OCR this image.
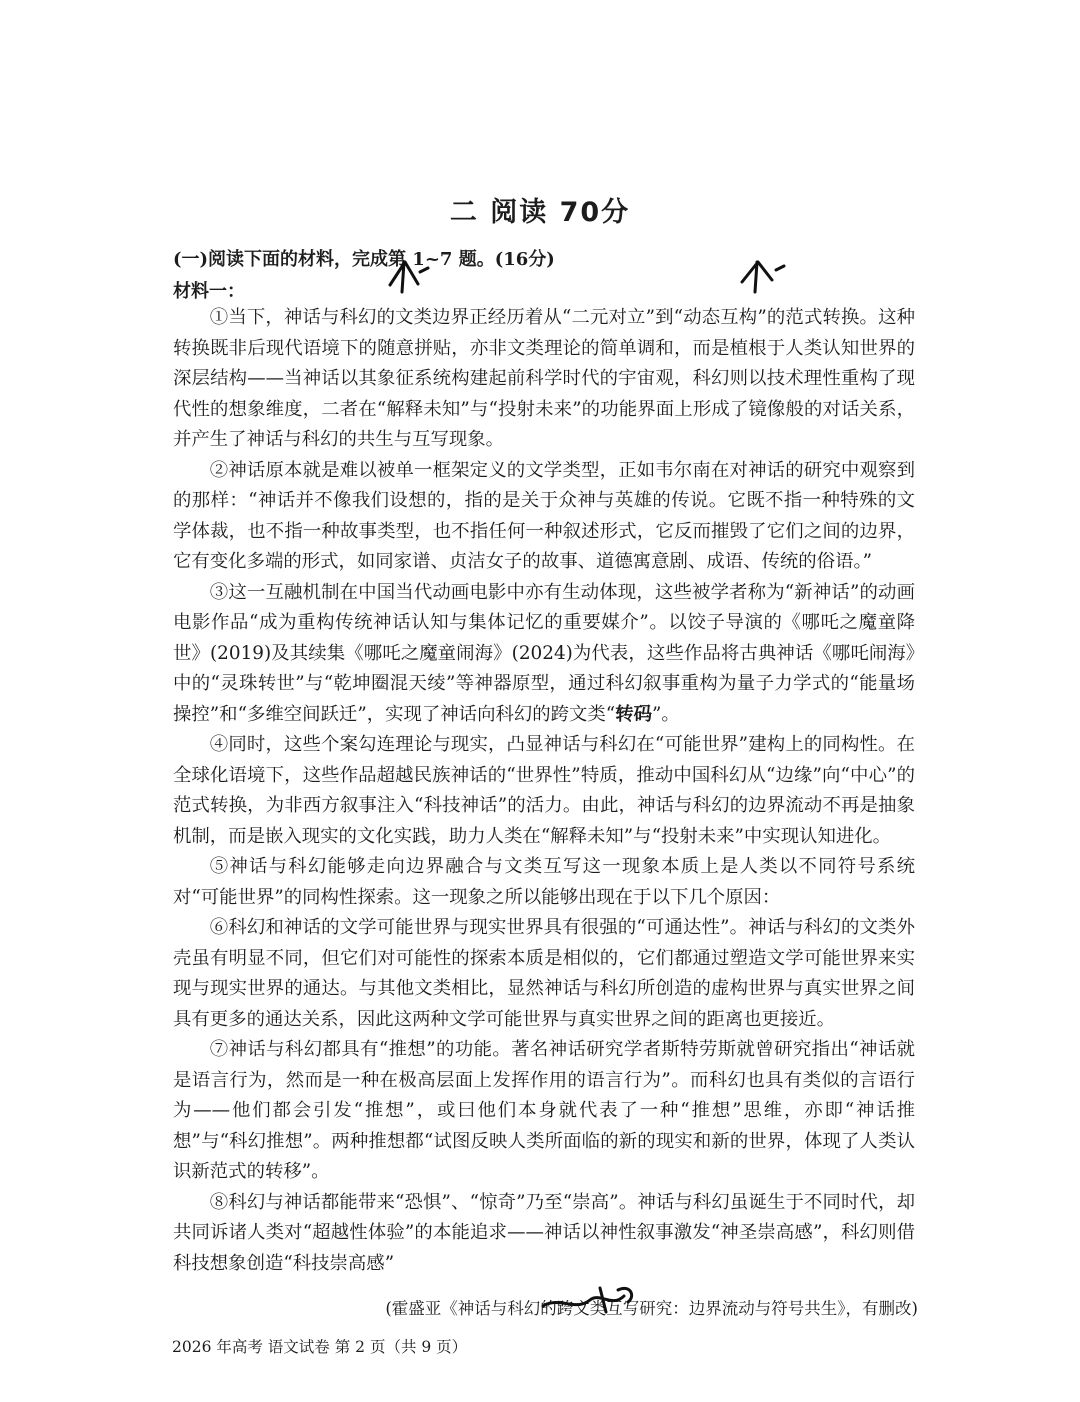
二 阅读 70分

(一)阅读下面的材料，完成第 1~7 题。(16分)

材料一：

①当下，神话与科幻的文类边界正经历着从“二元对立”到“动态互构”的范式转换。这种转换既非后现代语境下的随意拼贴，亦非文类理论的简单调和，而是植根于人类认知世界的深层结构——当神话以其象征系统构建起前科学时代的宇宙观，科幻则以技术理性重构了现代性的想象维度，二者在“解释未知”与“投射未来”的功能界面上形成了镜像般的对话关系，并产生了神话与科幻的共生与互写现象。

②神话原本就是难以被单一框架定义的文学类型，正如韦尔南在对神话的研究中观察到的那样：“神话并不像我们设想的，指的是关于众神与英雄的传说。它既不指一种特殊的文学体裁，也不指一种故事类型，也不指任何一种叙述形式，它反而摧毁了它们之间的边界，它有变化多端的形式，如同家谱、贞洁女子的故事、道德寓意剧、成语、传统的俗语。”

③这一互融机制在中国当代动画电影中亦有生动体现，这些被学者称为“新神话”的动画电影作品“成为重构传统神话认知与集体记忆的重要媒介”。以饺子导演的《哪吒之魔童降世》(2019)及其续集《哪吒之魔童闹海》(2024)为代表，这些作品将古典神话《哪吒闹海》中的“灵珠转世”与“乾坤圈混天绫”等神器原型，通过科幻叙事重构为量子力学式的“能量场操控”和“多维空间跃迁”，实现了神话向科幻的跨文类“转码”。

④同时，这些个案勾连理论与现实，凸显神话与科幻在“可能世界”建构上的同构性。在全球化语境下，这些作品超越民族神话的“世界性”特质，推动中国科幻从“边缘”向“中心”的范式转换，为非西方叙事注入“科技神话”的活力。由此，神话与科幻的边界流动不再是抽象机制，而是嵌入现实的文化实践，助力人类在“解释未知”与“投射未来”中实现认知进化。

⑤神话与科幻能够走向边界融合与文类互写这一现象本质上是人类以不同符号系统对“可能世界”的同构性探索。这一现象之所以能够出现在于以下几个原因：

⑥科幻和神话的文学可能世界与现实世界具有很强的“可通达性”。神话与科幻的文类外壳虽有明显不同，但它们对可能性的探索本质是相似的，它们都通过塑造文学可能世界来实现与现实世界的通达。与其他文类相比，显然神话与科幻所创造的虚构世界与真实世界之间具有更多的通达关系，因此这两种文学可能世界与真实世界之间的距离也更接近。

⑦神话与科幻都具有“推想”的功能。著名神话研究学者斯特劳斯就曾研究指出“神话就是语言行为，然而是一种在极高层面上发挥作用的语言行为”。而科幻也具有类似的言语行为——他们都会引发“推想”，或曰他们本身就代表了一种“推想”思维，亦即“神话推想”与“科幻推想”。两种推想都“试图反映人类所面临的新的现实和新的世界，体现了人类认识新范式的转移”。

⑧科幻与神话都能带来“恐惧”、“惊奇”乃至“崇高”。神话与科幻虽诞生于不同时代，却共同诉诸人类对“超越性体验”的本能追求——神话以神性叙事激发“神圣崇高感”，科幻则借科技想象创造“科技崇高感”

(霍盛亚《神话与科幻的跨文类互写研究：边界流动与符号共生》，有删改)

2026 年高考 语文试卷 第 2 页（共 9 页）
